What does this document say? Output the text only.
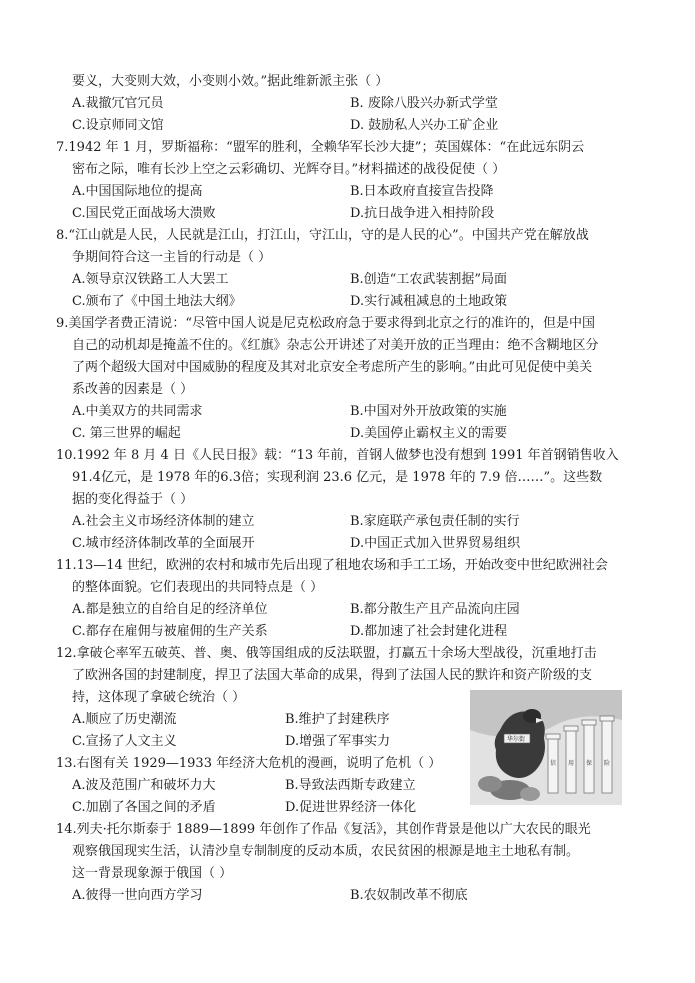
要义，大变则大效，小变则小效。”据此维新派主张（ ）
A.裁撤冗官冗员	B. 废除八股兴办新式学堂
C.设京师同文馆	D. 鼓励私人兴办工矿企业
7.1942 年 1 月，罗斯福称：“盟军的胜利，全赖华军长沙大捷”；英国媒体：“在此远东阴云
密布之际，唯有长沙上空之云彩确切、光辉夺目。”材料描述的战役促使（ ）
A.中国国际地位的提高	B.日本政府直接宣告投降
C.国民党正面战场大溃败	D.抗日战争进入相持阶段
8.“江山就是人民，人民就是江山，打江山，守江山，守的是人民的心”。中国共产党在解放战
争期间符合这一主旨的行动是（ ）
A.领导京汉铁路工人大罢工	B.创造“工农武装割据”局面
C.颁布了《中国土地法大纲》	D.实行减租减息的土地政策
9.美国学者费正清说：“尽管中国人说是尼克松政府急于要求得到北京之行的准许的，但是中国
自己的动机却是掩盖不住的。《红旗》杂志公开讲述了对美开放的正当理由：绝不含糊地区分
了两个超级大国对中国威胁的程度及其对北京安全考虑所产生的影响。”由此可见促使中美关
系改善的因素是（ ）
A.中美双方的共同需求	B.中国对外开放政策的实施
C. 第三世界的崛起	D.美国停止霸权主义的需要
10.1992 年 8 月 4 日《人民日报》载：“13 年前，首钢人做梦也没有想到 1991 年首钢销售收入
91.4亿元，是 1978 年的6.3倍；实现利润 23.6 亿元，是 1978 年的 7.9 倍……”。这些数
据的变化得益于（ ）
A.社会主义市场经济体制的建立	B.家庭联产承包责任制的实行
C.城市经济体制改革的全面展开	D.中国正式加入世界贸易组织
11.13—14 世纪，欧洲的农村和城市先后出现了租地农场和手工工场，开始改变中世纪欧洲社会
的整体面貌。它们表现出的共同特点是（ ）
A.都是独立的自给自足的经济单位	B.都分散生产且产品流向庄园
C.都存在雇佣与被雇佣的生产关系	D.都加速了社会封建化进程
12.拿破仑率军五破英、普、奥、俄等国组成的反法联盟，打赢五十余场大型战役，沉重地打击
了欧洲各国的封建制度，捍卫了法国大革命的成果，得到了法国人民的默许和资产阶级的支
持，这体现了拿破仑统治（ ）
A.顺应了历史潮流	B.维护了封建秩序
C.宣扬了人文主义	D.增强了军事实力
13.右图有关 1929—1933 年经济大危机的漫画，说明了危机（ ）
A.波及范围广和破坏力大	B.导致法西斯专政建立
C.加剧了各国之间的矛盾	D.促进世界经济一体化
信 用 保 险
华尔街
14.列夫·托尔斯泰于 1889—1899 年创作了作品《复活》，其创作背景是他以广大农民的眼光
观察俄国现实生活，认清沙皇专制制度的反动本质，农民贫困的根源是地主土地私有制。
这一背景现象源于俄国（ ）
A.彼得一世向西方学习	B.农奴制改革不彻底
